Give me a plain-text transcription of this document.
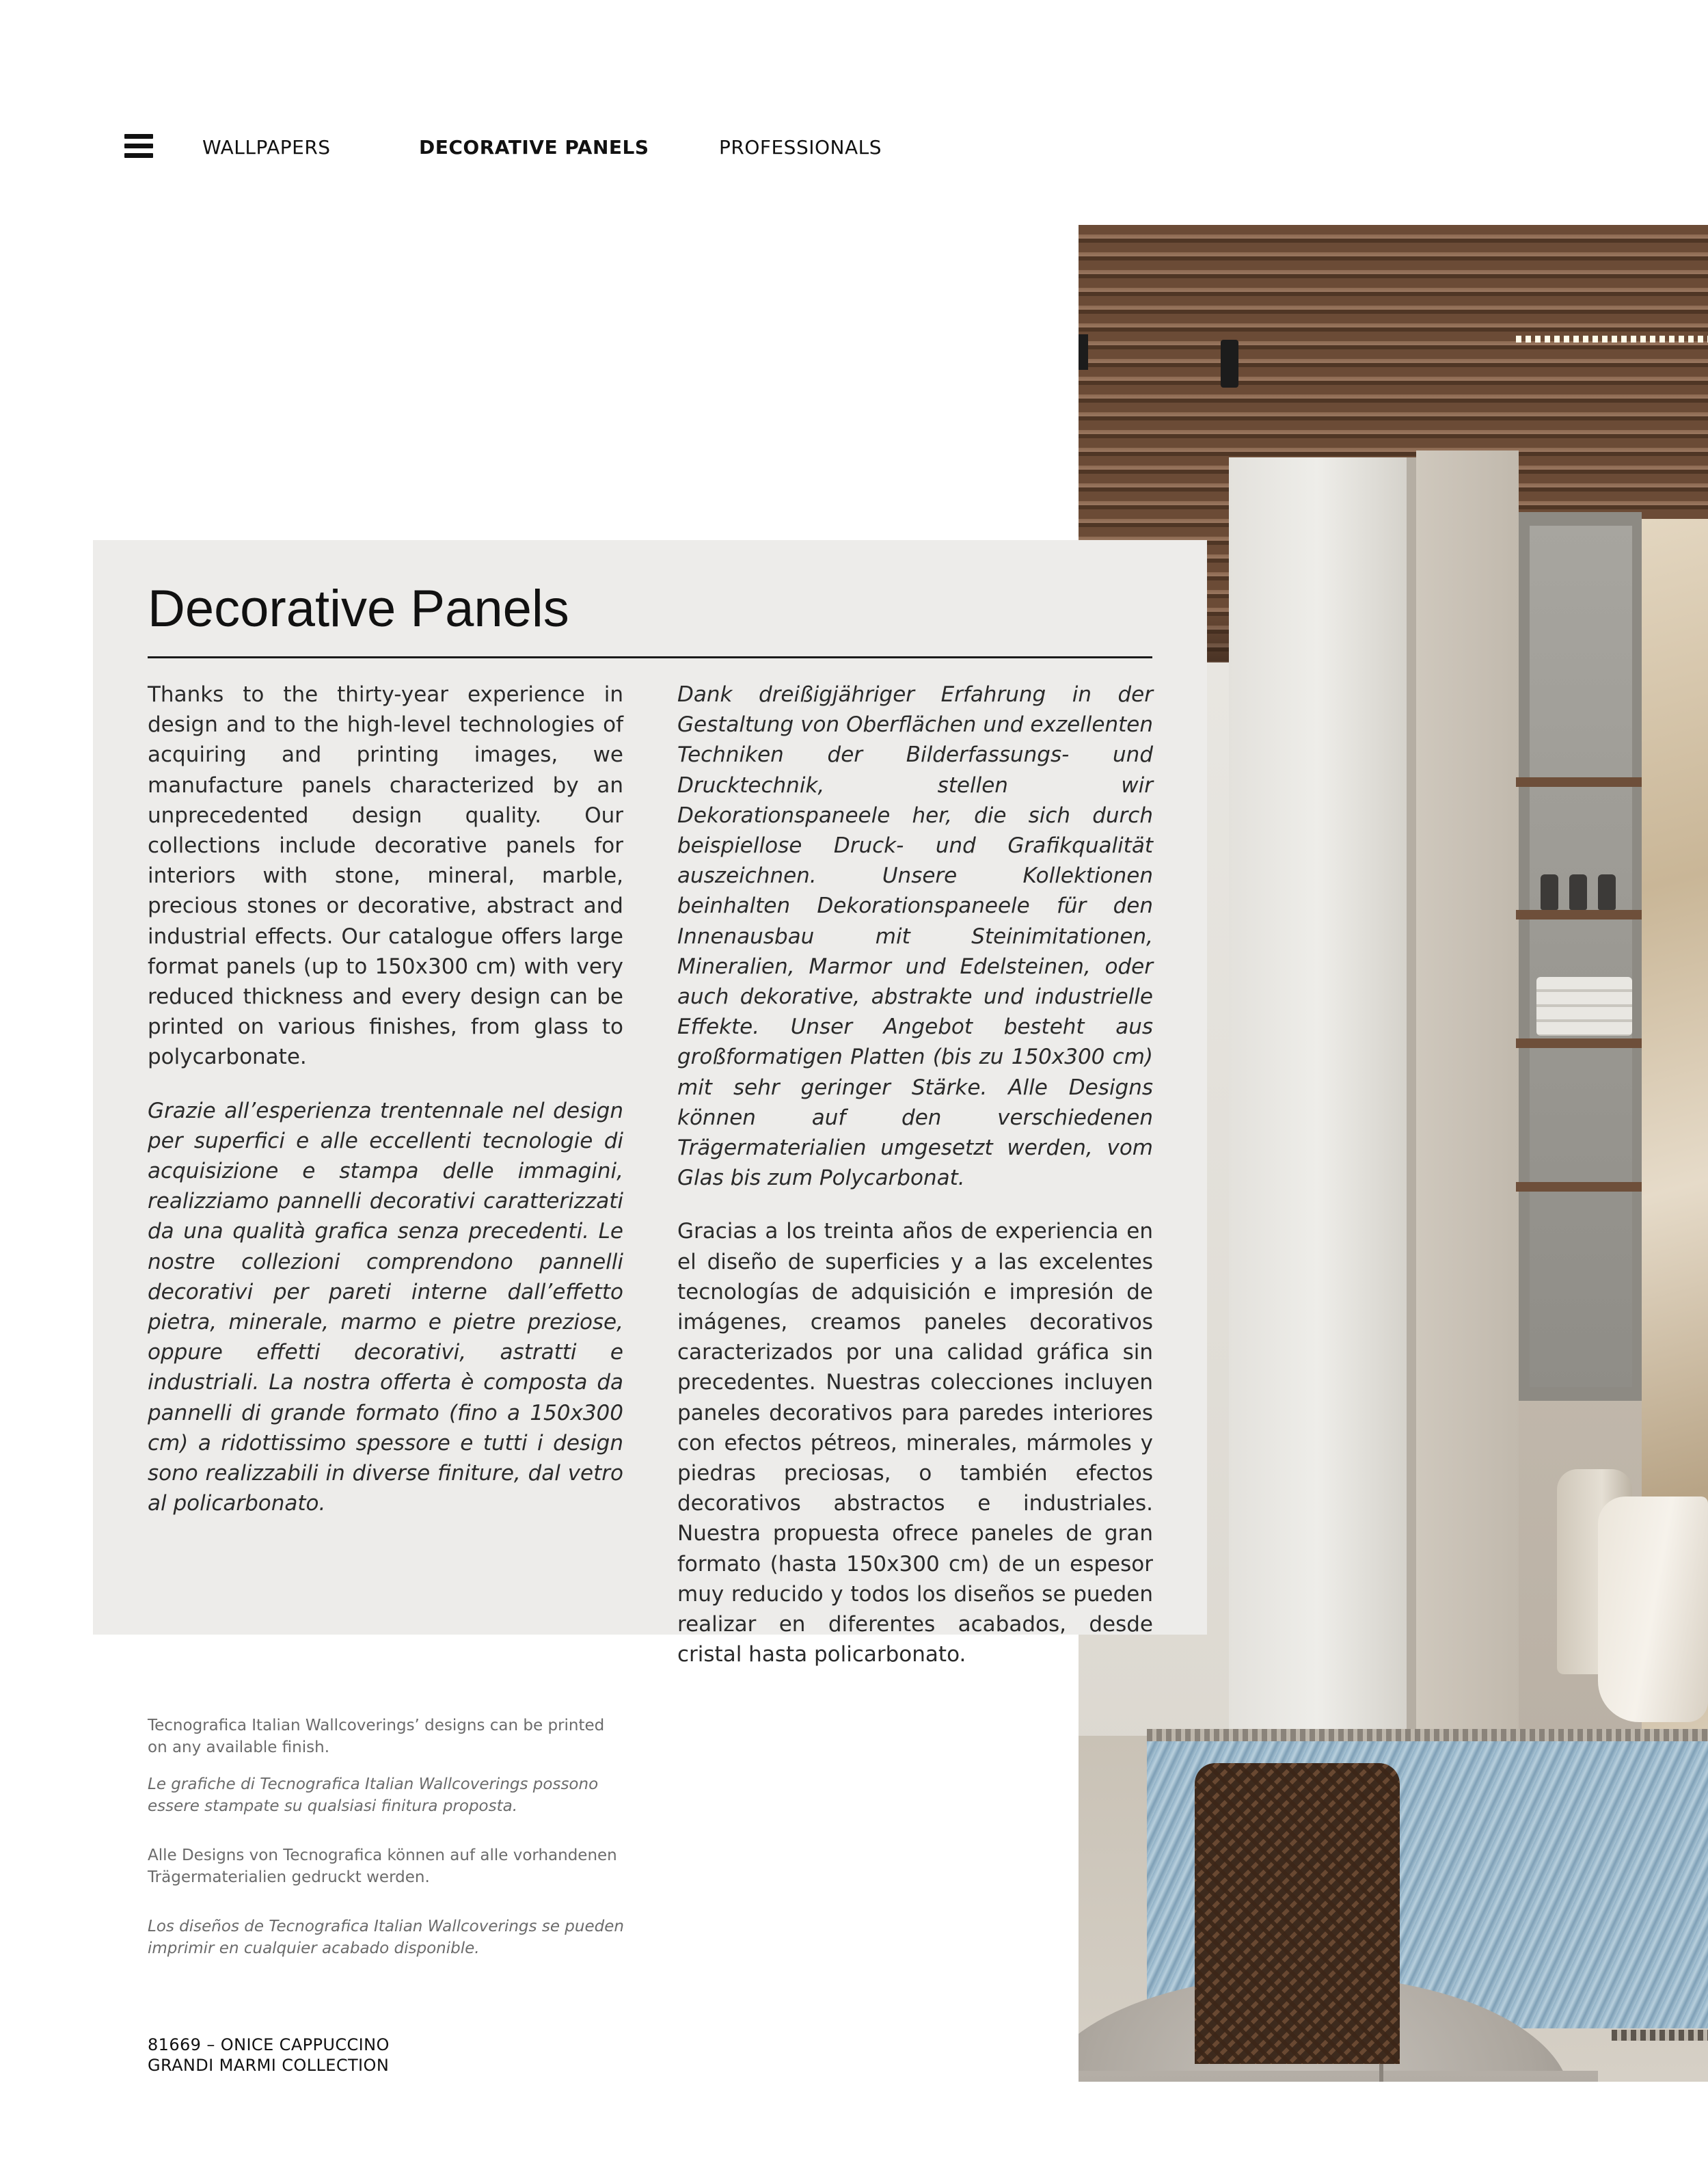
WALLPAPERS	DECORATIVE PANELS	PROFESSIONALS
Decorative Panels

Thanks to the thirty-year experience in design and to the high-level technologies of acquiring and printing images, we manufacture panels characterized by an unprecedented design quality. Our collections include decorative panels for interiors with stone, mineral, marble, precious stones or decorative, abstract and industrial effects. Our catalogue offers large format panels (up to 150x300 cm) with very reduced thickness and every design can be printed on various finishes, from glass to polycarbonate.

Grazie all’esperienza trentennale nel design per superfici e alle eccellenti tecnologie di acquisizione e stampa delle immagini, realizziamo pannelli decorativi caratterizzati da una qualità grafica senza precedenti. Le nostre collezioni comprendono pannelli decorativi per pareti interne dall’effetto pietra, minerale, marmo e pietre preziose, oppure effetti decorativi, astratti e industriali. La nostra offerta è composta da pannelli di grande formato (fino a 150x300 cm) a ridottissimo spessore e tutti i design sono realizzabili in diverse finiture, dal vetro al policarbonato.

Dank dreißigjähriger Erfahrung in der Gestaltung von Oberflächen und exzellenten Techniken der Bilderfassungs- und Drucktechnik, stellen wir Dekorationspaneele her, die sich durch beispiellose Druck- und Grafikqualität auszeichnen. Unsere Kollektionen beinhalten Dekorationspaneele für den Innenausbau mit Steinimitationen, Mineralien, Marmor und Edelsteinen, oder auch dekorative, abstrakte und industrielle Effekte. Unser Angebot besteht aus großformatigen Platten (bis zu 150x300 cm) mit sehr geringer Stärke. Alle Designs können auf den verschiedenen Trägermaterialien umgesetzt werden, vom Glas bis zum Polycarbonat.

Gracias a los treinta años de experiencia en el diseño de superficies y a las excelentes tecnologías de adquisición e impresión de imágenes, creamos paneles decorativos caracterizados por una calidad gráfica sin precedentes. Nuestras colecciones incluyen paneles decorativos para paredes interiores con efectos pétreos, minerales, mármoles y piedras preciosas, o también efectos decorativos abstractos e industriales. Nuestra propuesta ofrece paneles de gran formato (hasta 150x300 cm) de un espesor muy reducido y todos los diseños se pueden realizar en diferentes acabados, desde cristal hasta policarbonato.

Tecnografica Italian Wallcoverings’ designs can be printed on any available finish.

Le grafiche di Tecnografica Italian Wallcoverings possono essere stampate su qualsiasi finitura proposta.

Alle Designs von Tecnografica können auf alle vorhandenen Trägermaterialien gedruckt werden.

Los diseños de Tecnografica Italian Wallcoverings se pueden imprimir en cualquier acabado disponible.

81669 – ONICE CAPPUCCINO
GRANDI MARMI COLLECTION
